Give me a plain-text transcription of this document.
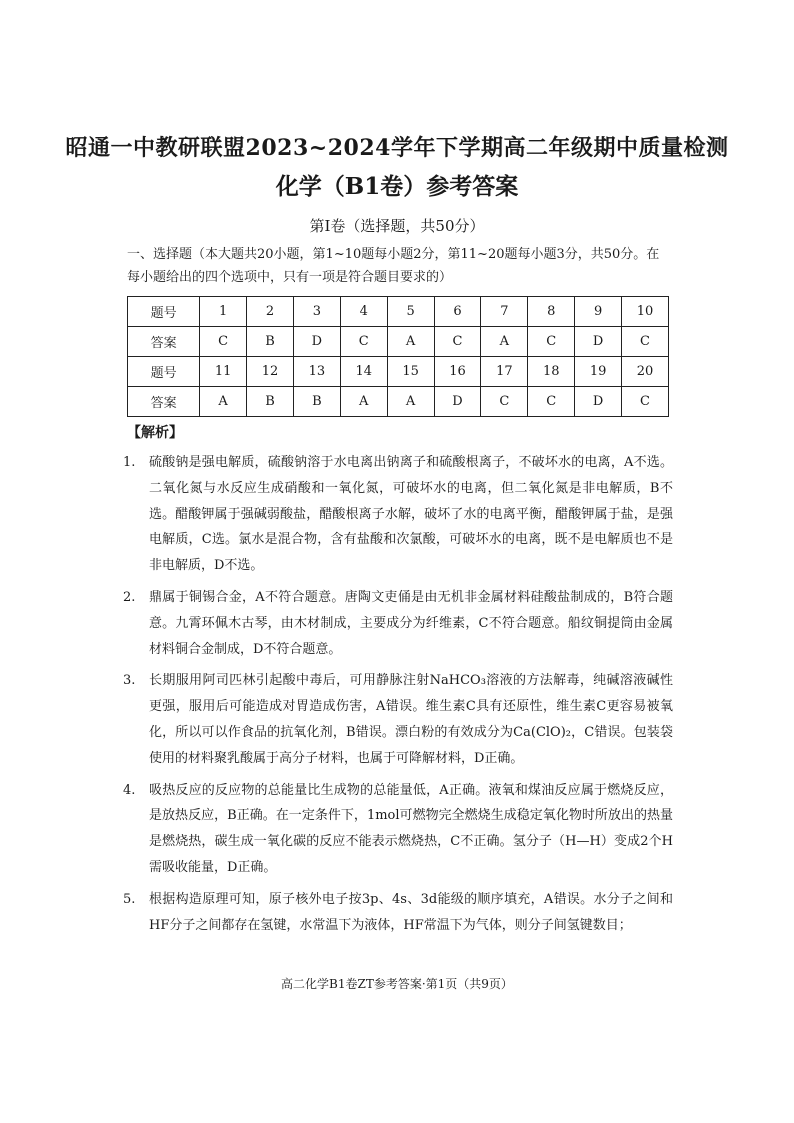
昭通一中教研联盟2023~2024学年下学期高二年级期中质量检测
化学（B1卷）参考答案
第Ⅰ卷（选择题，共50分）
一、选择题（本大题共20小题，第1~10题每小题2分，第11~20题每小题3分，共50分。在每小题给出的四个选项中，只有一项是符合题目要求的）
题号	1	2	3	4	5	6	7	8	9	10
答案	C	B	D	C	A	C	A	C	D	C
题号	11	12	13	14	15	16	17	18	19	20
答案	A	B	B	A	A	D	C	C	D	C
【解析】
1.	硫酸钠是强电解质，硫酸钠溶于水电离出钠离子和硫酸根离子，不破坏水的电离，A不选。二氧化氮与水反应生成硝酸和一氧化氮，可破坏水的电离，但二氧化氮是非电解质，B不选。醋酸钾属于强碱弱酸盐，醋酸根离子水解，破坏了水的电离平衡，醋酸钾属于盐，是强电解质，C选。氯水是混合物，含有盐酸和次氯酸，可破坏水的电离，既不是电解质也不是非电解质，D不选。
2.	鼎属于铜锡合金，A不符合题意。唐陶文吏俑是由无机非金属材料硅酸盐制成的，B符合题意。九霄环佩木古琴，由木材制成，主要成分为纤维素，C不符合题意。船纹铜提筒由金属材料铜合金制成，D不符合题意。
3.	长期服用阿司匹林引起酸中毒后，可用静脉注射NaHCO₃溶液的方法解毒，纯碱溶液碱性更强，服用后可能造成对胃造成伤害，A错误。维生素C具有还原性，维生素C更容易被氧化，所以可以作食品的抗氧化剂，B错误。漂白粉的有效成分为Ca(ClO)₂，C错误。包装袋使用的材料聚乳酸属于高分子材料，也属于可降解材料，D正确。
4.	吸热反应的反应物的总能量比生成物的总能量低，A正确。液氧和煤油反应属于燃烧反应，是放热反应，B正确。在一定条件下，1mol可燃物完全燃烧生成稳定氧化物时所放出的热量是燃烧热，碳生成一氧化碳的反应不能表示燃烧热，C不正确。氢分子（H—H）变成2个H需吸收能量，D正确。
5.	根据构造原理可知，原子核外电子按3p、4s、3d能级的顺序填充，A错误。水分子之间和HF分子之间都存在氢键，水常温下为液体，HF常温下为气体，则分子间氢键数目；
高二化学B1卷ZT参考答案·第1页（共9页）
